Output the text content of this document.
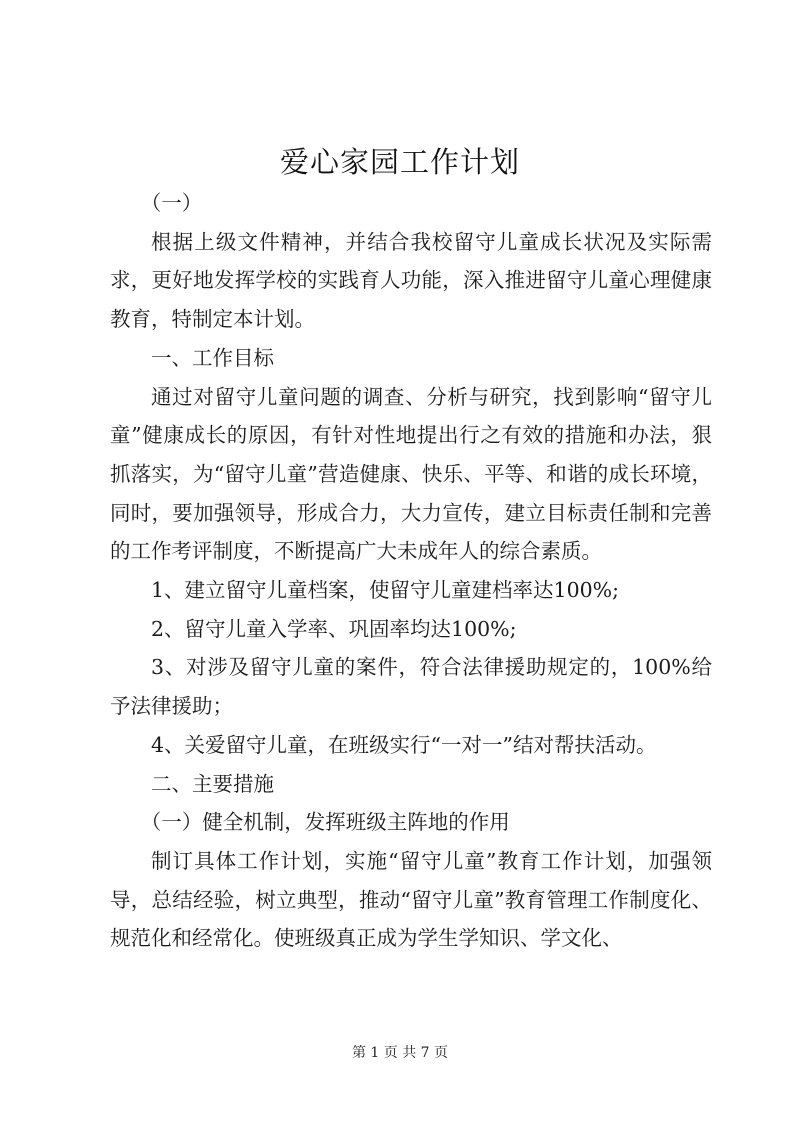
爱心家园工作计划

（一）

根据上级文件精神，并结合我校留守儿童成长状况及实际需求，更好地发挥学校的实践育人功能，深入推进留守儿童心理健康教育，特制定本计划。

一、工作目标

通过对留守儿童问题的调查、分析与研究，找到影响“留守儿童”健康成长的原因，有针对性地提出行之有效的措施和办法，狠抓落实，为“留守儿童”营造健康、快乐、平等、和谐的成长环境，同时，要加强领导，形成合力，大力宣传，建立目标责任制和完善的工作考评制度，不断提高广大未成年人的综合素质。

1、建立留守儿童档案，使留守儿童建档率达100%;

2、留守儿童入学率、巩固率均达100%;

3、对涉及留守儿童的案件，符合法律援助规定的，100%给予法律援助；

4、关爱留守儿童，在班级实行“一对一”结对帮扶活动。

二、主要措施

（一）健全机制，发挥班级主阵地的作用

制订具体工作计划，实施“留守儿童”教育工作计划，加强领导，总结经验，树立典型，推动“留守儿童”教育管理工作制度化、规范化和经常化。使班级真正成为学生学知识、学文化、

第 1 页 共 7 页
